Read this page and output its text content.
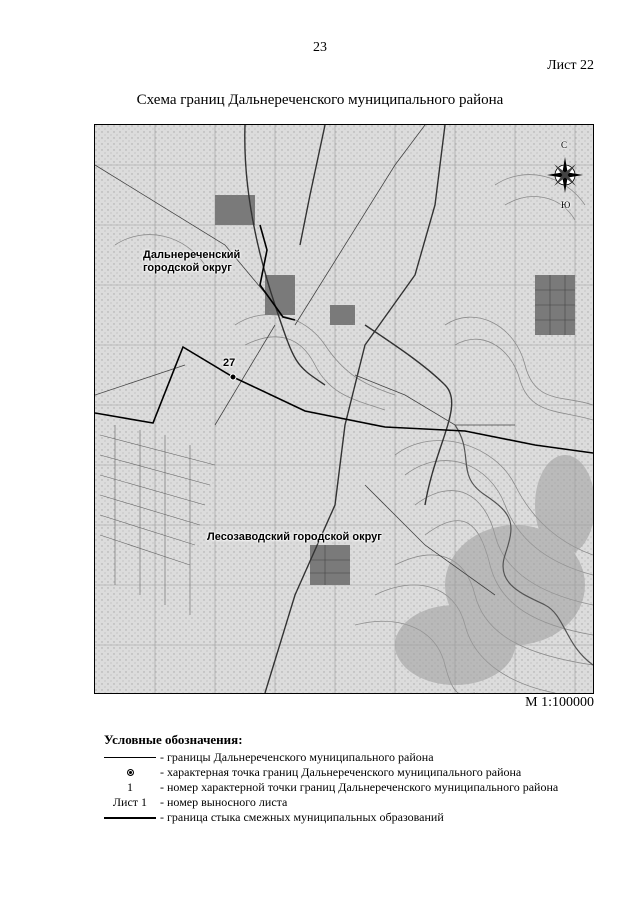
23
Лист 22
Схема границ Дальнереченского муниципального района
С
Ю
Дальнереченский
городской округ
27
Лесозаводский городской округ
М 1:100000
Условные обозначения:
- границы Дальнереченского муниципального района
- характерная точка границ Дальнереченского муниципального района
1	- номер характерной точки границ Дальнереченского муниципального района
Лист 1	- номер выносного листа
- граница стыка смежных муниципальных образований
